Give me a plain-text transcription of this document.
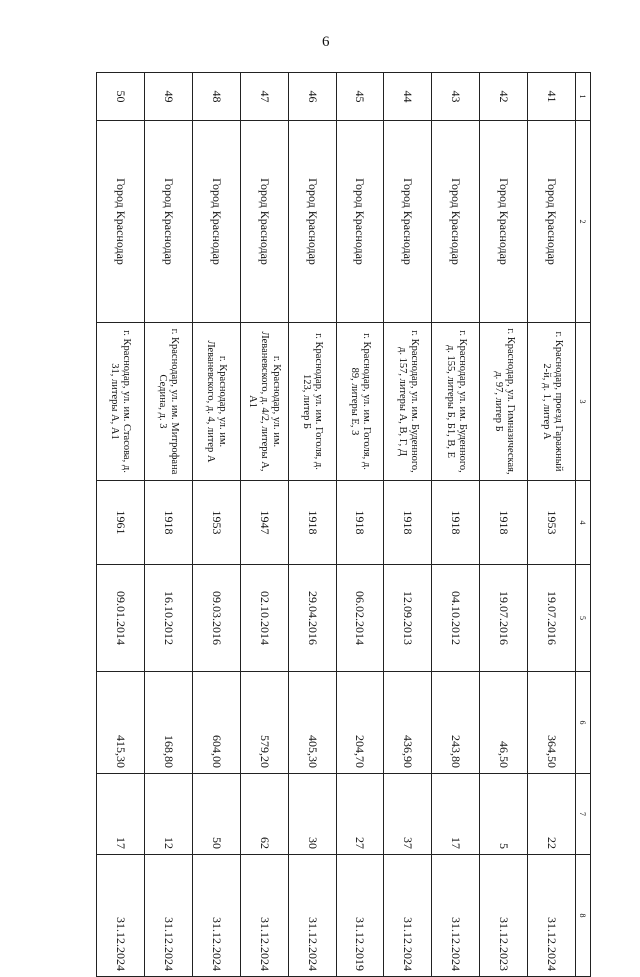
6
1	2	3	4	5	6	7	8
41	Город Краснодар	г. Краснодар, проезд Гаражный 2-й, д. 1, литер А	1953	19.07.2016	364,50	22	31.12.2024
42	Город Краснодар	г. Краснодар, ул. Гимназическая, д. 97, литер Б	1918	19.07.2016	46,50	5	31.12.2023
43	Город Краснодар	г. Краснодар, ул. им. Буденного, д. 155, литеры Б, Б1, В, Е	1918	04.10.2012	243,80	17	31.12.2024
44	Город Краснодар	г. Краснодар, ул. им. Буденного, д. 157, литеры А, В, Г, Д	1918	12.09.2013	436,90	37	31.12.2024
45	Город Краснодар	г. Краснодар, ул. им. Гоголя, д. 89, литеры Е, З	1918	06.02.2014	204,70	27	31.12.2019
46	Город Краснодар	г. Краснодар, ул. им. Гоголя, д. 123, литер Б	1918	29.04.2016	405,30	30	31.12.2024
47	Город Краснодар	г. Краснодар, ул. им. Леваневского, д. 4/2, литеры А, А1	1947	02.10.2014	579,20	62	31.12.2024
48	Город Краснодар	г. Краснодар, ул. им. Леваневского, д. 4, литер А	1953	09.03.2016	604,00	50	31.12.2024
49	Город Краснодар	г. Краснодар, ул. им. Митрофана Седина, д. 3	1918	16.10.2012	168,80	12	31.12.2024
50	Город Краснодар	г. Краснодар, ул. им. Стасова, д. 31, литеры А, А1	1961	09.01.2014	415,30	17	31.12.2024
